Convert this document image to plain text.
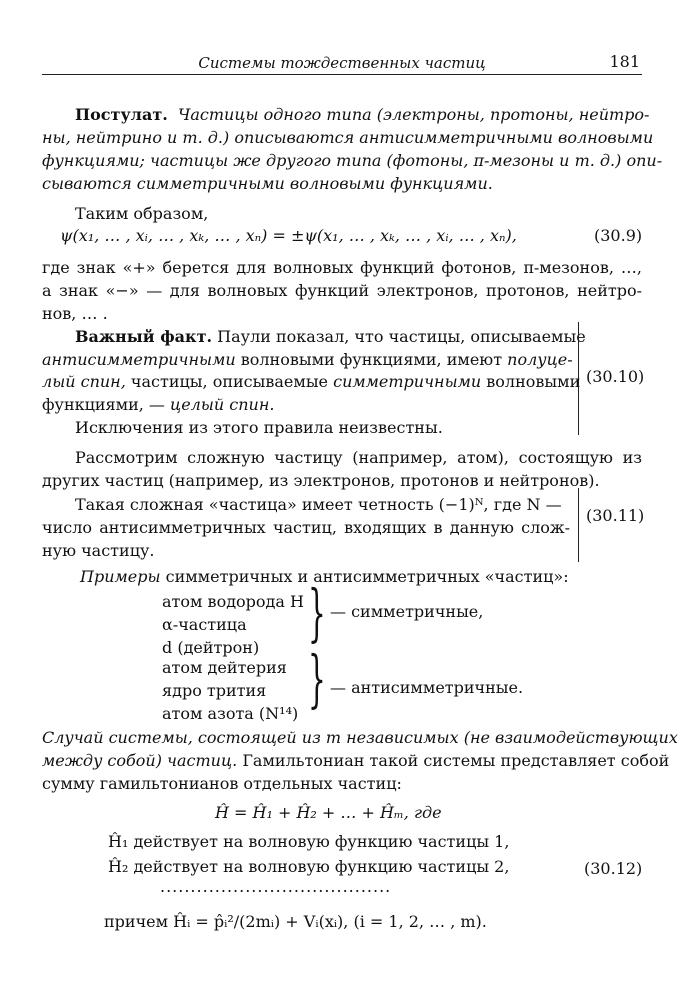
Системы тождественных частиц	181
Постулат. Частицы одного типа (электроны, протоны, нейтро-
ны, нейтрино и т. д.) описываются антисимметричными волновыми
функциями; частицы же другого типа (фотоны, π-мезоны и т. д.) опи-
сываются симметричными волновыми функциями.
Таким образом,
ψ(x₁, … , xᵢ, … , xₖ, … , xₙ) = ±ψ(x₁, … , xₖ, … , xᵢ, … , xₙ),	(30.9)
где знак «+» берется для волновых функций фотонов, π-мезонов, …,
а знак «−» — для волновых функций электронов, протонов, нейтро-
нов, … .
Важный факт. Паули показал, что частицы, описываемые
антисимметричными волновыми функциями, имеют полуце-
лый спин, частицы, описываемые симметричными волновыми
функциями, — целый спин.
Исключения из этого правила неизвестны.
(30.10)
Рассмотрим сложную частицу (например, атом), состоящую из
других частиц (например, из электронов, протонов и нейтронов).
Такая сложная «частица» имеет четность (−1)ᴺ, где N —
число антисимметричных частиц, входящих в данную слож-
ную частицу.
(30.11)
Примеры симметричных и антисимметричных «частиц»:
атом водорода H
α-частица
d (дейтрон) } — симметричные,
атом дейтерия
ядро трития
атом азота (N¹⁴) } — антисимметричные.
Случай системы, состоящей из m независимых (не взаимодействующих
между собой) частиц. Гамильтониан такой системы представляет собой
сумму гамильтонианов отдельных частиц:
Ĥ = Ĥ₁ + Ĥ₂ + … + Ĥₘ, где
Ĥ₁ действует на волновую функцию частицы 1,
Ĥ₂ действует на волновую функцию частицы 2,
......................................
причем Ĥᵢ = p̂ᵢ²/(2mᵢ) + Vᵢ(xᵢ), (i = 1, 2, … , m).
(30.12)
